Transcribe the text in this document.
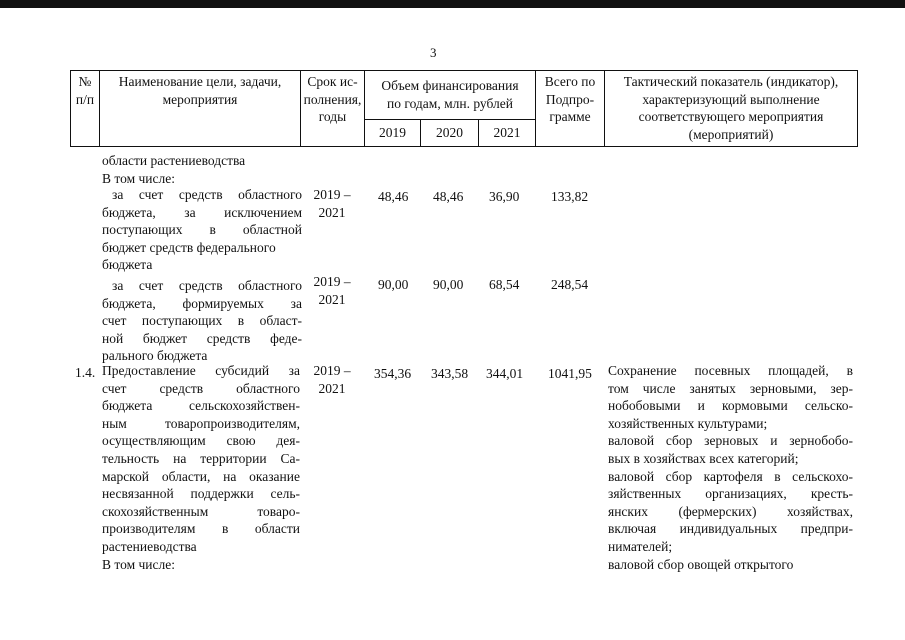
3
№
п/п
Наименование цели, задачи,
мероприятия
Срок ис-
полнения,
годы
Объем финансирования
по годам, млн. рублей
2019	2020	2021
Всего по
Подпро-
грамме
Тактический показатель (индикатор),
характеризующий выполнение
соответствующего мероприятия
(мероприятий)
области растениеводства
В том числе:
за счет средств областного
бюджета, за исключением
поступающих в областной
бюджет средств федерального
бюджета
2019 –
2021
48,46 48,46 36,90 133,82
за счет средств областного
бюджета, формируемых за
счет поступающих в област-
ной бюджет средств феде-
рального бюджета
2019 –
2021
90,00 90,00 68,54 248,54
1.4. Предоставление субсидий за
счет средств областного
бюджета сельскохозяйствен-
ным товаропроизводителям,
осуществляющим свою дея-
тельность на территории Са-
марской области, на оказание
несвязанной поддержки сель-
скохозяйственным товаро-
производителям в области
растениеводства
В том числе:
2019 –
2021
354,36 343,58 344,01 1041,95 Сохранение посевных площадей, в
том числе занятых зерновыми, зер-
нобобовыми и кормовыми сельско-
хозяйственных культурами;
валовой сбор зерновых и зернобобо-
вых в хозяйствах всех категорий;
валовой сбор картофеля в сельскохо-
зяйственных организациях, кресть-
янских (фермерских) хозяйствах,
включая индивидуальных предпри-
нимателей;
валовой сбор овощей открытого
